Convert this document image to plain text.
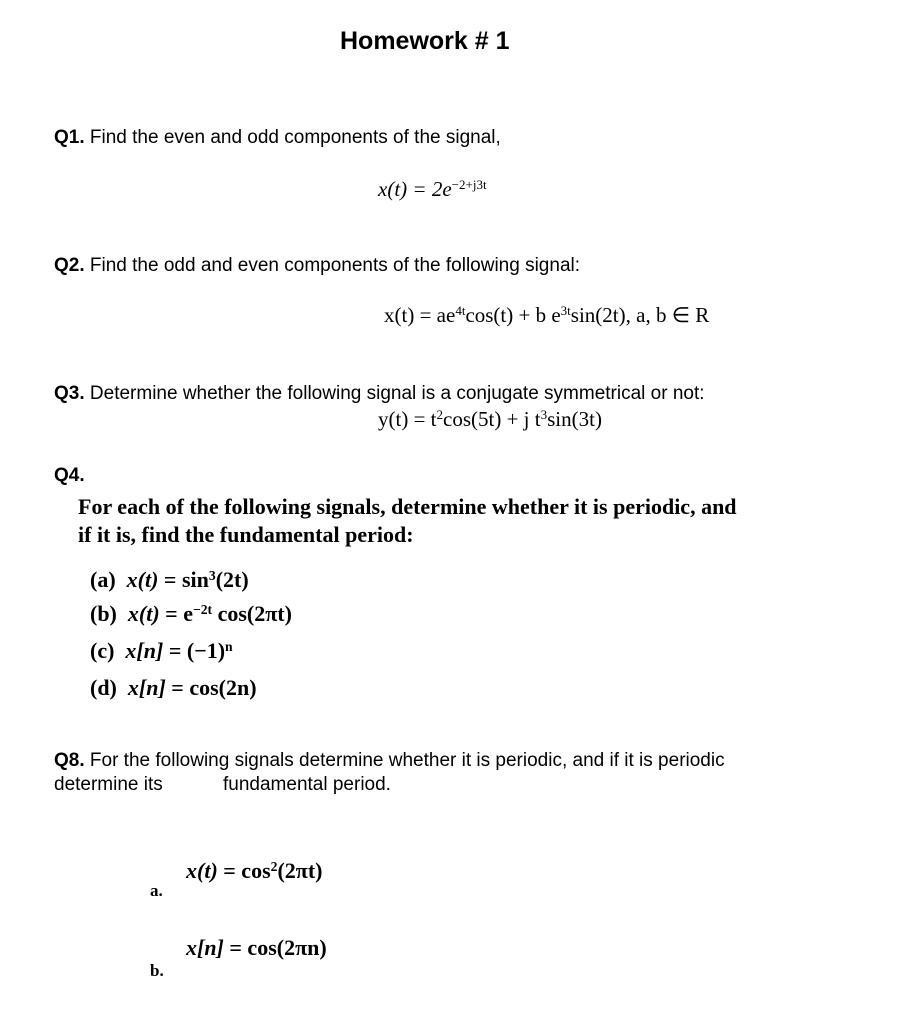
Homework # 1
Q1. Find the even and odd components of the signal,
$x(t) = 2e^{-2+j3t}$
Q2. Find the odd and even components of the following signal:
$x(t) = ae^{4t}\cos(t) + b$ $e^{3t}\sin(2t)$, a, b ∈ R
Q3. Determine whether the following signal is a conjugate symmetrical or not:
$y(t) = t^2\cos(5t) + j$ $t^3\sin(3t)$
Q4.
For each of the following signals, determine whether it is periodic, and
if it is, find the fundamental period:
(a) $x(t) = \sin^3(2t)$
(b) $x(t) = e^{-2t}$ cos(2πt)
(c) $x[n] = (-1)^n$
(d) x[n] = cos(2n)
Q8. For the following signals determine whether it is periodic, and if it is periodic
determine its	fundamental period.
$x(t) = \cos^2(2\pi t)$
a.
x[n] = cos(2πn)
b.
